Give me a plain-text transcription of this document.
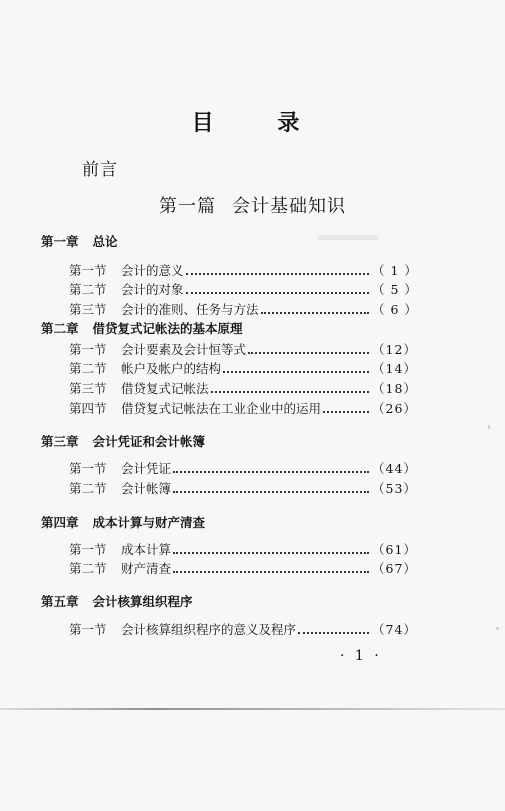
目 录
前言
第一篇 会计基础知识
第一章 总论
第一节	会计的意义	（ 1 ）
第二节	会计的对象	（ 5 ）
第三节	会计的准则、任务与方法	（ 6 ）
第二章 借贷复式记帐法的基本原理
第一节	会计要素及会计恒等式	（12）
第二节	帐户及帐户的结构	（14）
第三节	借贷复式记帐法	（18）
第四节	借贷复式记帐法在工业企业中的运用	（26）
第三章 会计凭证和会计帐簿
第一节	会计凭证	（44）
第二节	会计帐簿	（53）
第四章 成本计算与财产清查
第一节	成本计算	（61）
第二节	财产清查	（67）
第五章 会计核算组织程序
第一节	会计核算组织程序的意义及程序	（74）
· 1 ·
